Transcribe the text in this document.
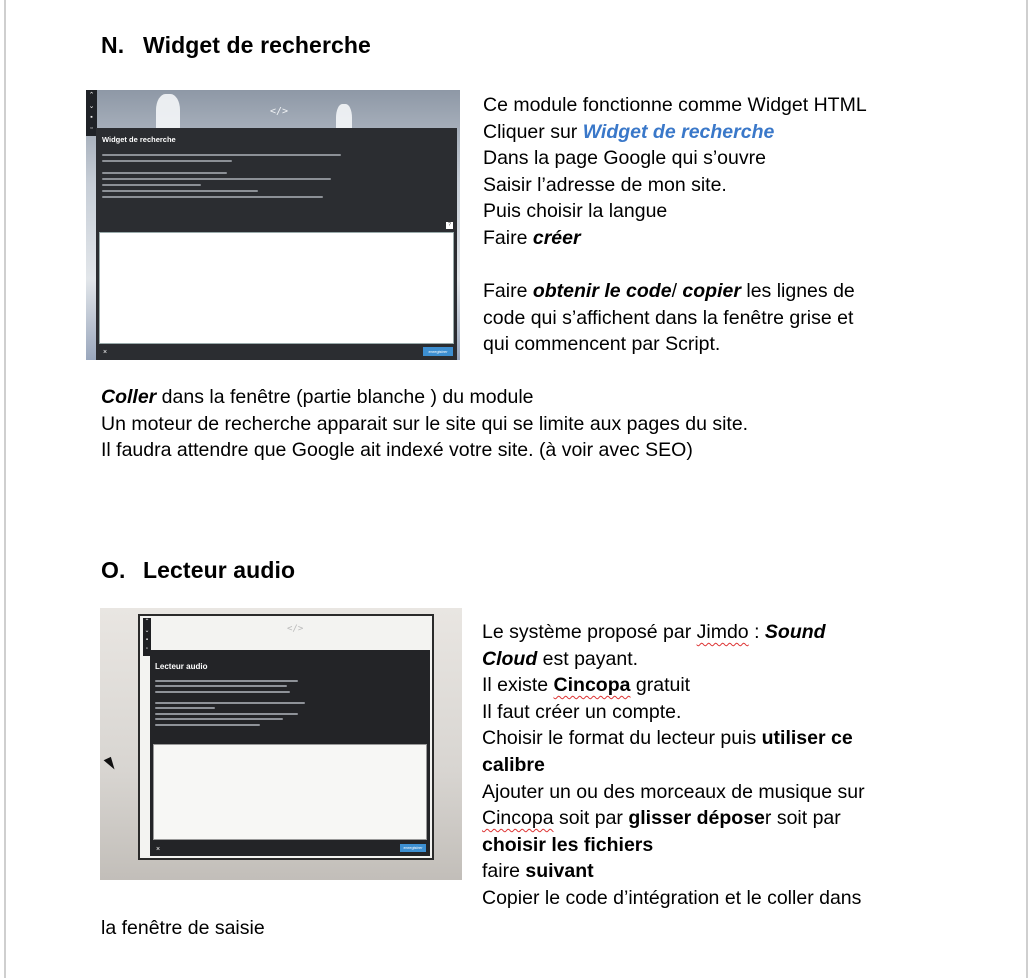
N. Widget de recherche
⌃
⌄
▪
▫
</>
Widget de recherche
?
×	enregistrer

Ce module fonctionne comme Widget HTML

Cliquer sur Widget de recherche

Dans la page Google qui s’ouvre

Saisir l’adresse de mon site.

Puis choisir la langue

Faire créer

Faire obtenir le code/ copier les lignes de

code qui s’affichent dans la fenêtre grise et

qui commencent par Script.

Coller dans la fenêtre (partie blanche ) du module

Un moteur de recherche apparait sur le site qui se limite aux pages du site.

Il faudra attendre que Google ait indexé votre site. (à voir avec SEO)

O. Lecteur audio
⌃
⌄
▪
▫
</>
Lecteur audio
×	enregistrer

Le système proposé par Jimdo : Sound

Cloud est payant.

Il existe Cincopa gratuit

Il faut créer un compte.

Choisir le format du lecteur puis utiliser ce

calibre

Ajouter un ou des morceaux de musique sur

Cincopa soit par glisser déposer soit par

choisir les fichiers

faire suivant

Copier le code d’intégration et le coller dans

la fenêtre de saisie
